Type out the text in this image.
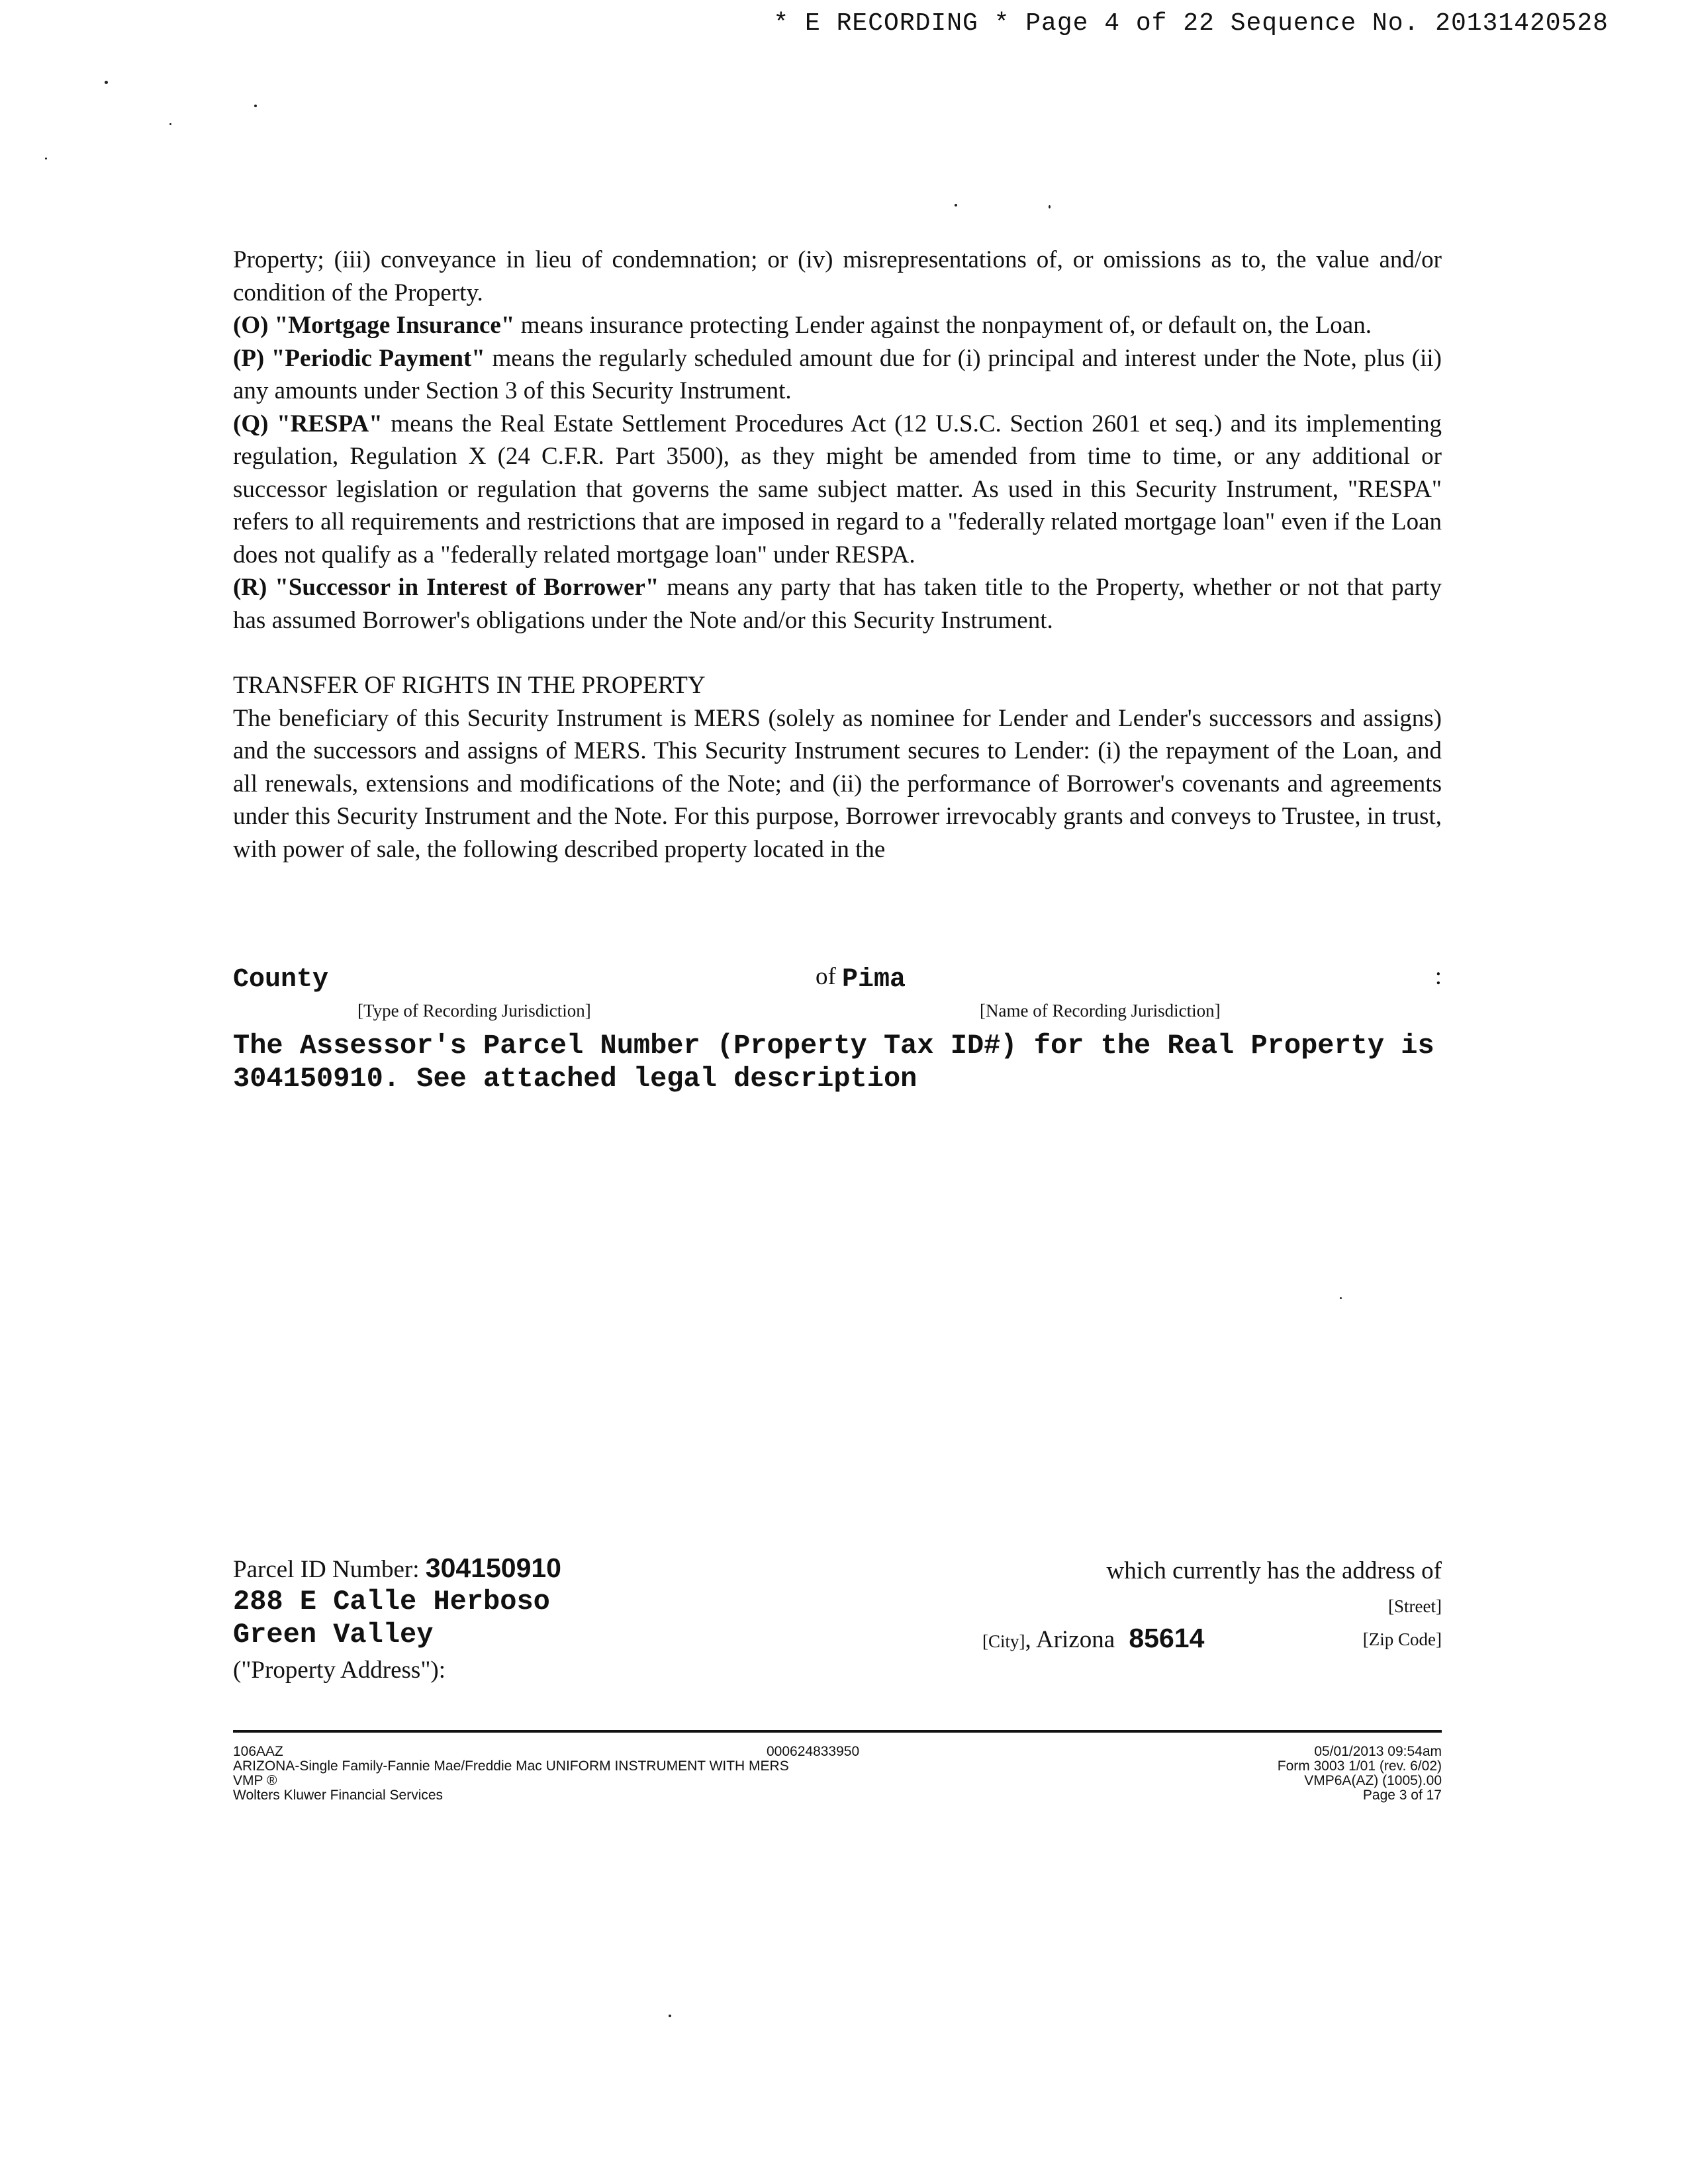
* E RECORDING * Page 4 of 22 Sequence No. 20131420528

Property; (iii) conveyance in lieu of condemnation; or (iv) misrepresentations of, or omissions as to, the value and/or condition of the Property.

(O) "Mortgage Insurance" means insurance protecting Lender against the nonpayment of, or default on, the Loan.

(P) "Periodic Payment" means the regularly scheduled amount due for (i) principal and interest under the Note, plus (ii) any amounts under Section 3 of this Security Instrument.

(Q) "RESPA" means the Real Estate Settlement Procedures Act (12 U.S.C. Section 2601 et seq.) and its implementing regulation, Regulation X (24 C.F.R. Part 3500), as they might be amended from time to time, or any additional or successor legislation or regulation that governs the same subject matter. As used in this Security Instrument, "RESPA" refers to all requirements and restrictions that are imposed in regard to a "federally related mortgage loan" even if the Loan does not qualify as a "federally related mortgage loan" under RESPA.

(R) "Successor in Interest of Borrower" means any party that has taken title to the Property, whether or not that party has assumed Borrower's obligations under the Note and/or this Security Instrument.

TRANSFER OF RIGHTS IN THE PROPERTY

The beneficiary of this Security Instrument is MERS (solely as nominee for Lender and Lender's successors and assigns) and the successors and assigns of MERS. This Security Instrument secures to Lender: (i) the repayment of the Loan, and all renewals, extensions and modifications of the Note; and (ii) the performance of Borrower's covenants and agreements under this Security Instrument and the Note. For this purpose, Borrower irrevocably grants and conveys to Trustee, in trust, with power of sale, the following described property located in the

County	of Pima	:
[Type of Recording Jurisdiction]	[Name of Recording Jurisdiction]
The Assessor's Parcel Number (Property Tax ID#) for the Real Property is
304150910. See attached legal description
Parcel ID Number: 304150910	which currently has the address of
288 E Calle Herboso	[Street]
Green Valley	[City], Arizona 85614	[Zip Code]
("Property Address"):
106AAZ
ARIZONA-Single Family-Fannie Mae/Freddie Mac UNIFORM INSTRUMENT WITH MERS
VMP ®
Wolters Kluwer Financial Services
000624833950	05/01/2013 09:54am
Form 3003 1/01 (rev. 6/02)
VMP6A(AZ) (1005).00
Page 3 of 17
